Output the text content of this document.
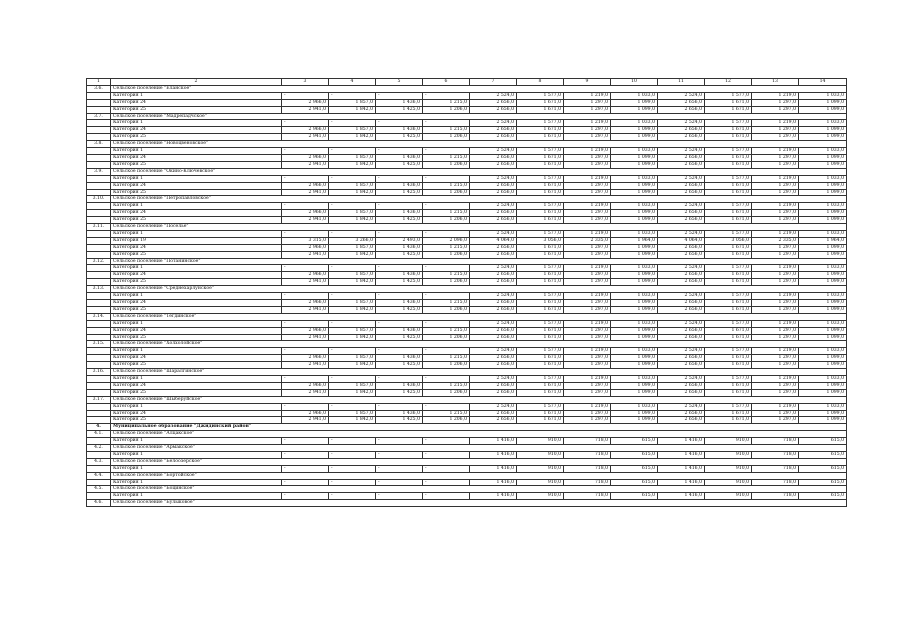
1	2	3	4	5	6	7	8	9	10	11	12	13	14
3.6.	Сельское поселение "Еланское"												
	Категория 1	-	-	-	-	2 524,0	1 577,0	1 219,0	1 033,0	2 524,0	1 577,0	1 219,0	1 033,0
	Категория 24	2 966,0	1 857,0	1 436,0	1 215,0	2 656,0	1 671,0	1 297,0	1 099,0	2 656,0	1 671,0	1 297,0	1 099,0
	Категория 25	2 941,0	1 842,0	1 425,0	1 206,0	2 656,0	1 671,0	1 297,0	1 099,0	2 656,0	1 671,0	1 297,0	1 099,0
3.7.	Сельское поселение "Мадрепадчское"												
	Категория 1	-	-	-	-	2 524,0	1 577,0	1 219,0	1 033,0	2 524,0	1 577,0	1 219,0	1 033,0
	Категория 24	2 966,0	1 857,0	1 436,0	1 215,0	2 656,0	1 671,0	1 297,0	1 099,0	2 656,0	1 671,0	1 297,0	1 099,0
	Категория 25	2 941,0	1 842,0	1 425,0	1 206,0	2 656,0	1 671,0	1 297,0	1 099,0	2 656,0	1 671,0	1 297,0	1 099,0
3.8.	Сельское поселение "Новоцвеновское"												
	Категория 1	-	-	-	-	2 524,0	1 577,0	1 219,0	1 033,0	2 524,0	1 577,0	1 219,0	1 033,0
	Категория 24	2 966,0	1 857,0	1 436,0	1 215,0	2 656,0	1 671,0	1 297,0	1 099,0	2 656,0	1 671,0	1 297,0	1 099,0
	Категория 25	2 941,0	1 842,0	1 425,0	1 206,0	2 656,0	1 671,0	1 297,0	1 099,0	2 656,0	1 671,0	1 297,0	1 099,0
3.9.	Сельское поселение "Окино-Ключевское"												
	Категория 1	-	-	-	-	2 524,0	1 577,0	1 219,0	1 033,0	2 524,0	1 577,0	1 219,0	1 033,0
	Категория 24	2 966,0	1 857,0	1 436,0	1 215,0	2 656,0	1 671,0	1 297,0	1 099,0	2 656,0	1 671,0	1 297,0	1 099,0
	Категория 25	2 941,0	1 842,0	1 425,0	1 206,0	2 656,0	1 671,0	1 297,0	1 099,0	2 656,0	1 671,0	1 297,0	1 099,0
3.10.	Сельское поселение "Петропавловское"												
	Категория 1	-	-	-	-	2 524,0	1 577,0	1 219,0	1 033,0	2 524,0	1 577,0	1 219,0	1 033,0
	Категория 24	2 966,0	1 857,0	1 436,0	1 215,0	2 656,0	1 671,0	1 297,0	1 099,0	2 656,0	1 671,0	1 297,0	1 099,0
	Категория 25	2 941,0	1 842,0	1 425,0	1 206,0	2 656,0	1 671,0	1 297,0	1 099,0	2 656,0	1 671,0	1 297,0	1 099,0
3.11.	Сельское поселение "Поселье"												
	Категория 1	-	-	-	-	2 524,0	1 577,0	1 219,0	1 033,0	2 524,0	1 577,0	1 219,0	1 033,0
	Категория 19	3 315,0	3 266,0	2 493,0	2 096,0	4 064,0	3 056,0	2 335,0	1 964,0	4 064,0	3 056,0	2 335,0	1 964,0
	Категория 24	2 966,0	1 857,0	1 436,0	1 215,0	2 656,0	1 671,0	1 297,0	1 099,0	2 656,0	1 671,0	1 297,0	1 099,0
	Категория 25	2 941,0	1 842,0	1 425,0	1 206,0	2 656,0	1 671,0	1 297,0	1 099,0	2 656,0	1 671,0	1 297,0	1 099,0
3.12.	Сельское поселение "Потанинское"												
	Категория 1	-	-	-	-	2 524,0	1 577,0	1 219,0	1 033,0	2 524,0	1 577,0	1 219,0	1 033,0
	Категория 24	2 966,0	1 857,0	1 436,0	1 215,0	2 656,0	1 671,0	1 297,0	1 099,0	2 656,0	1 671,0	1 297,0	1 099,0
	Категория 25	2 941,0	1 842,0	1 425,0	1 206,0	2 656,0	1 671,0	1 297,0	1 099,0	2 656,0	1 671,0	1 297,0	1 099,0
3.13.	Сельское поселение "Среднехарлунское"												
	Категория 1	-	-	-	-	2 524,0	1 577,0	1 219,0	1 033,0	2 524,0	1 577,0	1 219,0	1 033,0
	Категория 24	2 966,0	1 857,0	1 436,0	1 215,0	2 656,0	1 671,0	1 297,0	1 099,0	2 656,0	1 671,0	1 297,0	1 099,0
	Категория 25	2 941,0	1 842,0	1 425,0	1 206,0	2 656,0	1 671,0	1 297,0	1 099,0	2 656,0	1 671,0	1 297,0	1 099,0
3.14.	Сельское поселение "Тегдинское"												
	Категория 1	-	-	-	-	2 524,0	1 577,0	1 219,0	1 033,0	2 524,0	1 577,0	1 219,0	1 033,0
	Категория 24	2 966,0	1 857,0	1 436,0	1 215,0	2 656,0	1 671,0	1 297,0	1 099,0	2 656,0	1 671,0	1 297,0	1 099,0
	Категория 25	2 941,0	1 842,0	1 425,0	1 206,0	2 656,0	1 671,0	1 297,0	1 099,0	2 656,0	1 671,0	1 297,0	1 099,0
3.15.	Сельское поселение "Холхолойское"												
	Категория 1	-	-	-	-	2 524,0	1 577,0	1 219,0	1 033,0	2 524,0	1 577,0	1 219,0	1 033,0
	Категория 24	2 966,0	1 857,0	1 436,0	1 215,0	2 656,0	1 671,0	1 297,0	1 099,0	2 656,0	1 671,0	1 297,0	1 099,0
	Категория 25	2 941,0	1 842,0	1 425,0	1 206,0	2 656,0	1 671,0	1 297,0	1 099,0	2 656,0	1 671,0	1 297,0	1 099,0
3.16.	Сельское поселение "Шаралгинское"												
	Категория 1	-	-	-	-	2 524,0	1 577,0	1 219,0	1 033,0	2 524,0	1 577,0	1 219,0	1 033,0
	Категория 24	2 966,0	1 857,0	1 436,0	1 215,0	2 656,0	1 671,0	1 297,0	1 099,0	2 656,0	1 671,0	1 297,0	1 099,0
	Категория 25	2 941,0	1 842,0	1 425,0	1 206,0	2 656,0	1 671,0	1 297,0	1 099,0	2 656,0	1 671,0	1 297,0	1 099,0
3.17.	Сельское поселение "Шыберуйское"												
	Категория 1	-	-	-	-	2 524,0	1 577,0	1 219,0	1 033,0	2 524,0	1 577,0	1 219,0	1 033,0
	Категория 24	2 966,0	1 857,0	1 436,0	1 215,0	2 656,0	1 671,0	1 297,0	1 099,0	2 656,0	1 671,0	1 297,0	1 099,0
	Категория 25	2 941,0	1 842,0	1 425,0	1 206,0	2 656,0	1 671,0	1 297,0	1 099,0	2 656,0	1 671,0	1 297,0	1 099,0
4.	Муниципальное образование "Джидинский район"												
4.1.	Сельское поселение "Алцакское"												
	Категория 1	-	-	-	-	1 416,0	910,0	718,0	615,0	1 416,0	910,0	718,0	615,0
4.2.	Сельское поселение "Армакское"												
	Категория 1	-	-	-	-	1 416,0	910,0	718,0	615,0	1 416,0	910,0	718,0	615,0
4.3.	Сельское поселение "Белоозерское"												
	Категория 1	-	-	-	-	1 416,0	910,0	718,0	615,0	1 416,0	910,0	718,0	615,0
4.4.	Сельское поселение "Бортойское"												
	Категория 1	-	-	-	-	1 416,0	910,0	718,0	615,0	1 416,0	910,0	718,0	615,0
4.5.	Сельское поселение "Боцинское"												
	Категория 1	-	-	-	-	1 416,0	910,0	718,0	615,0	1 416,0	910,0	718,0	615,0
4.6.	Сельское поселение "Булыковое"												
